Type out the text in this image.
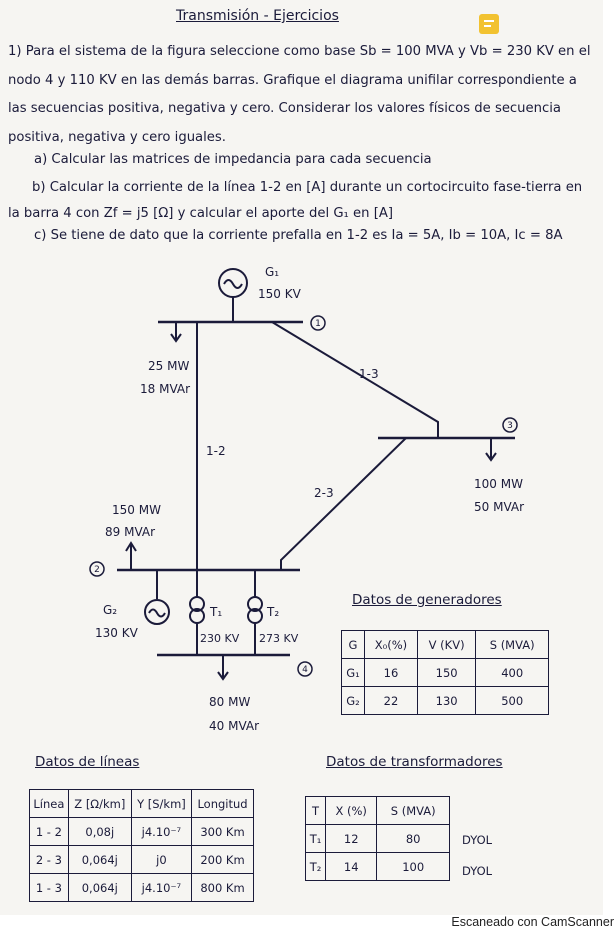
Transmisión - Ejercicios
1) Para el sistema de la figura seleccione como base Sb = 100 MVA y Vb = 230 KV en el nodo 4 y 110 KV en las demás barras. Grafique el diagrama unifilar correspondiente a las secuencias positiva, negativa y cero. Considerar los valores físicos de secuencia positiva, negativa y cero iguales.
a) Calcular las matrices de impedancia para cada secuencia
b) Calcular la corriente de la línea 1-2 en [A] durante un cortocircuito fase-tierra en la barra 4 con Zf = j5 [Ω] y calcular el aporte del G₁ en [A]
c) Se tiene de dato que la corriente prefalla en 1-2 es Ia = 5A, Ib = 10A, Ic = 8A
G₁
150 KV
25 MW
18 MVAr
1-3
1-2
2-3
100 MW
50 MVAr
150 MW
89 MVAr
G₂
130 KV
T₁	T₂
230 KV 273 KV
80 MW
40 MVAr
1
3
2
4
Datos de generadores
G	X₀(%)	V (KV)	S (MVA)
G₁	16	150	400
G₂	22	130	500
Datos de líneas
Línea	Z [Ω/km]	Y [S/km]	Longitud
1 - 2	0,08j	j4.10⁻⁷	300 Km
2 - 3	0,064j	j0	200 Km
1 - 3	0,064j	j4.10⁻⁷	800 Km
Datos de transformadores
T	X (%)	S (MVA)
T₁	12	80
T₂	14	100
DYOL
DYOL
Escaneado con CamScanner
